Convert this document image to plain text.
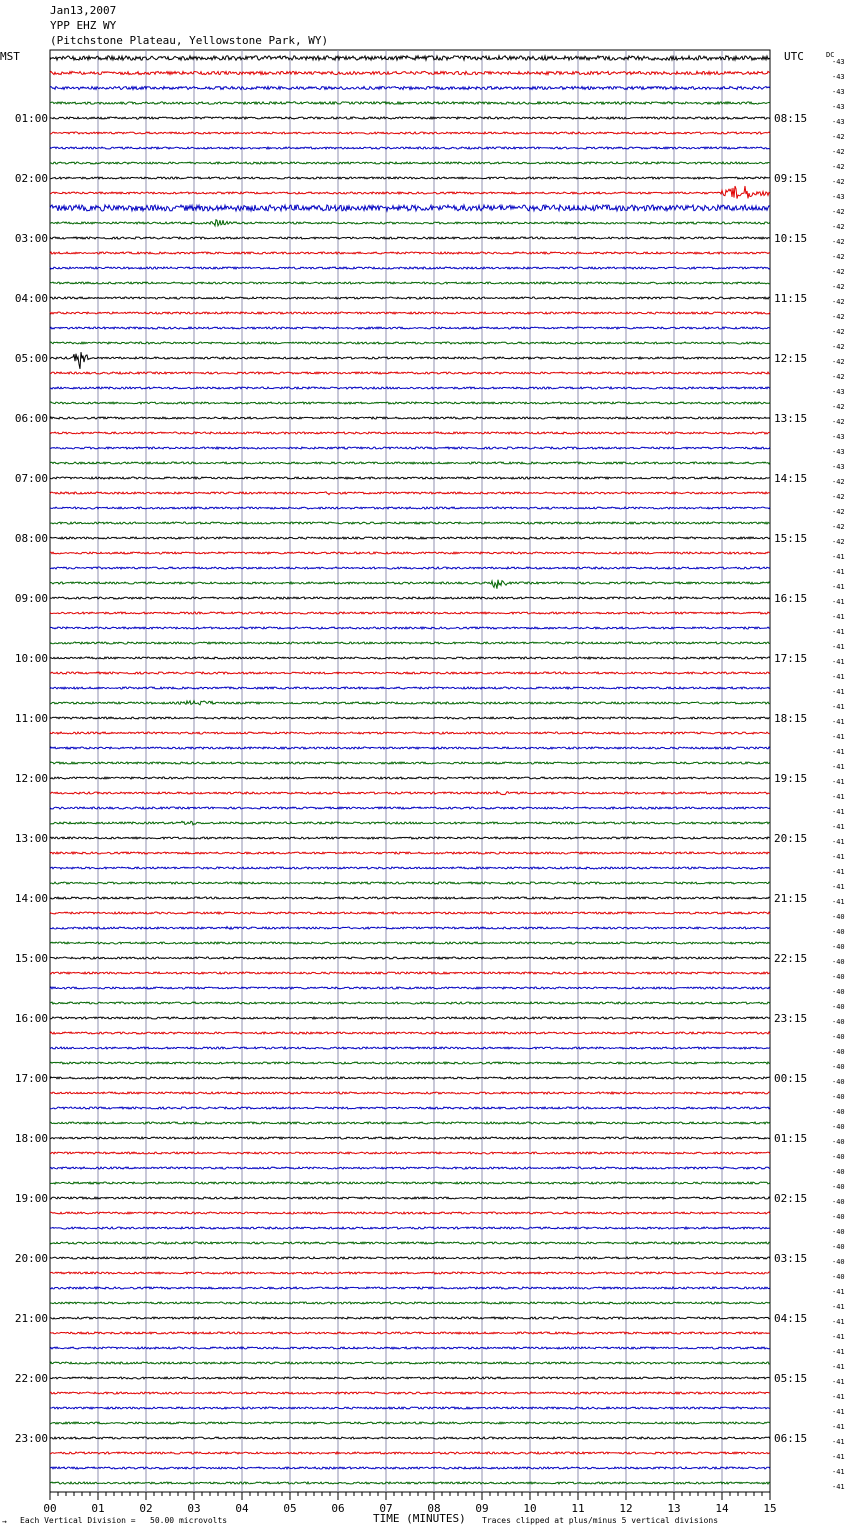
00	01	02	03	04	05	06	07	08	09	10	11	12	13	14	15
-43
-43
-43
-43
-43
-42
-42
-42
-42
-43
-42
-42
-42
-42
-42
-42
-42
-42
-42
-42
-42
-42
-43
-42
-42
-43
-43
-43
-42
-42
-42
-42
-42
-41
-41
-41
-41
-41
-41
-41
-41
-41
-41
-41
-41
-41
-41
-41
-41
-41
-41
-41
-41
-41
-41
-41
-41
-40
-40
-40
-40
-40
-40
-40
-40
-40
-40
-40
-40
-40
-40
-40
-40
-40
-40
-40
-40
-40
-40
-40
-40
-40
-41
-41
-41
-41
-41
-41
-41
-41
-41
-41
-41
-41
-41
-41
DC
01:00
02:00
03:00
04:00
05:00
06:00
07:00
08:00
09:00
10:00
11:00
12:00
13:00
14:00
15:00
16:00
17:00
18:00
19:00
20:00
21:00
22:00
23:00
08:15
09:15
10:15
11:15
12:15
13:15
14:15
15:15
16:15
17:15
18:15
19:15
20:15
21:15
22:15
23:15
00:15
01:15
02:15
03:15
04:15
05:15
06:15
Jan13,2007
YPP EHZ WY
(Pitchstone Plateau, Yellowstone Park, WY)
MST	UTC
TIME (MINUTES)
→ Each Vertical Division =   50.00 microvolts	Traces clipped at plus/minus 5 vertical divisions
